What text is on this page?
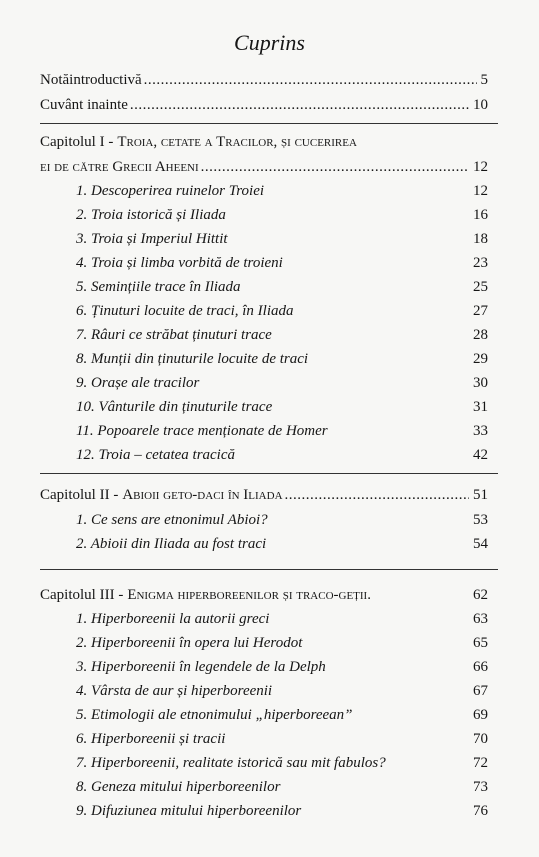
Cuprins
Notăintroductivă .....	5
Cuvânt inainte .....	10
Capitolul I - Troia, cetate a Tracilor, și cucerirea
ei de către Grecii Aheeni .....	12
1. Descoperirea ruinelor Troiei	12
2. Troia istorică și Iliada	16
3. Troia și Imperiul Hittit	18
4. Troia și limba vorbită de troieni	23
5. Semințiile trace în Iliada	25
6. Ținuturi locuite de traci, în Iliada	27
7. Râuri ce străbat ținuturi trace	28
8. Munții din ținuturile locuite de traci	29
9. Orașe ale tracilor	30
10. Vânturile din ținuturile trace	31
11. Popoarele trace menționate de Homer	33
12. Troia – cetatea tracică	42
Capitolul II - Abioii geto-daci în Iliada .....	51
1. Ce sens are etnonimul Abioi?	53
2. Abioii din Iliada au fost traci	54
Capitolul III - Enigma hiperboreenilor și traco-geții.	62
1. Hiperboreenii la autorii greci	63
2. Hiperboreenii în opera lui Herodot	65
3. Hiperboreenii în legendele de la Delph	66
4. Vârsta de aur și hiperboreenii	67
5. Etimologii ale etnonimului „hiperboreean”	69
6. Hiperboreenii și tracii	70
7. Hiperboreenii, realitate istorică sau mit fabulos?	72
8. Geneza mitului hiperboreenilor	73
9. Difuziunea mitului hiperboreenilor	76
